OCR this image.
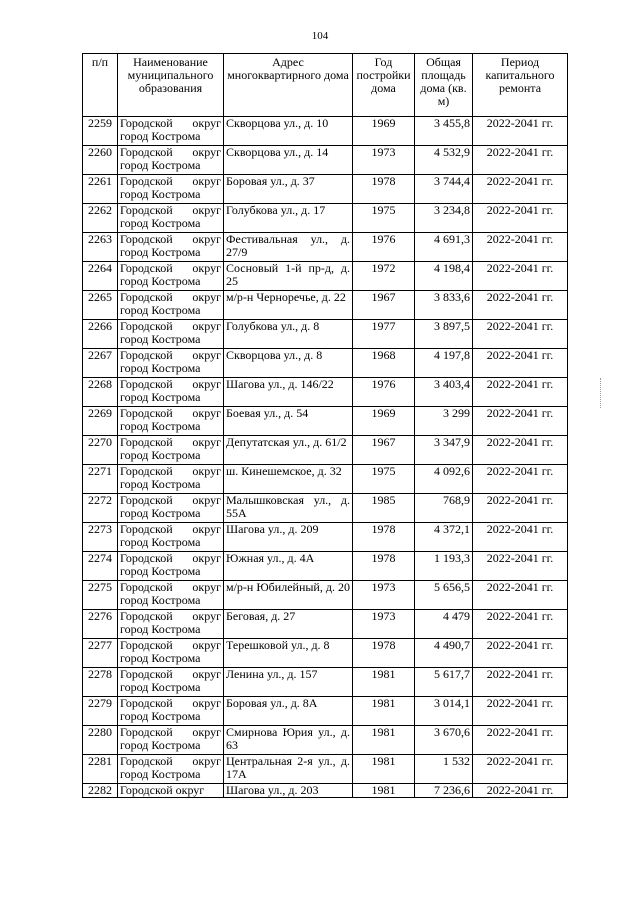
104
п/п	Наименование муниципального образования	Адрес многоквартирного дома	Год постройки дома	Общая площадь дома (кв. м)	Период капитального ремонта
2259	Городской округ город Кострома	Скворцова ул., д. 10	1969	3 455,8	2022-2041 гг.
2260	Городской округ город Кострома	Скворцова ул., д. 14	1973	4 532,9	2022-2041 гг.
2261	Городской округ город Кострома	Боровая ул., д. 37	1978	3 744,4	2022-2041 гг.
2262	Городской округ город Кострома	Голубкова ул., д. 17	1975	3 234,8	2022-2041 гг.
2263	Городской округ город Кострома	Фестивальная ул., д. 27/9	1976	4 691,3	2022-2041 гг.
2264	Городской округ город Кострома	Сосновый 1-й пр-д, д. 25	1972	4 198,4	2022-2041 гг.
2265	Городской округ город Кострома	м/р-н Черноречье, д. 22	1967	3 833,6	2022-2041 гг.
2266	Городской округ город Кострома	Голубкова ул., д. 8	1977	3 897,5	2022-2041 гг.
2267	Городской округ город Кострома	Скворцова ул., д. 8	1968	4 197,8	2022-2041 гг.
2268	Городской округ город Кострома	Шагова ул., д. 146/22	1976	3 403,4	2022-2041 гг.
2269	Городской округ город Кострома	Боевая ул., д. 54	1969	3 299	2022-2041 гг.
2270	Городской округ город Кострома	Депутатская ул., д. 61/2	1967	3 347,9	2022-2041 гг.
2271	Городской округ город Кострома	ш. Кинешемское, д. 32	1975	4 092,6	2022-2041 гг.
2272	Городской округ город Кострома	Малышковская ул., д. 55А	1985	768,9	2022-2041 гг.
2273	Городской округ город Кострома	Шагова ул., д. 209	1978	4 372,1	2022-2041 гг.
2274	Городской округ город Кострома	Южная ул., д. 4А	1978	1 193,3	2022-2041 гг.
2275	Городской округ город Кострома	м/р-н Юбилейный, д. 20	1973	5 656,5	2022-2041 гг.
2276	Городской округ город Кострома	Беговая, д. 27	1973	4 479	2022-2041 гг.
2277	Городской округ город Кострома	Терешковой ул., д. 8	1978	4 490,7	2022-2041 гг.
2278	Городской округ город Кострома	Ленина ул., д. 157	1981	5 617,7	2022-2041 гг.
2279	Городской округ город Кострома	Боровая ул., д. 8А	1981	3 014,1	2022-2041 гг.
2280	Городской округ город Кострома	Смирнова Юрия ул., д. 63	1981	3 670,6	2022-2041 гг.
2281	Городской округ город Кострома	Центральная 2-я ул., д. 17А	1981	1 532	2022-2041 гг.
2282	Городской округ	Шагова ул., д. 203	1981	7 236,6	2022-2041 гг.
